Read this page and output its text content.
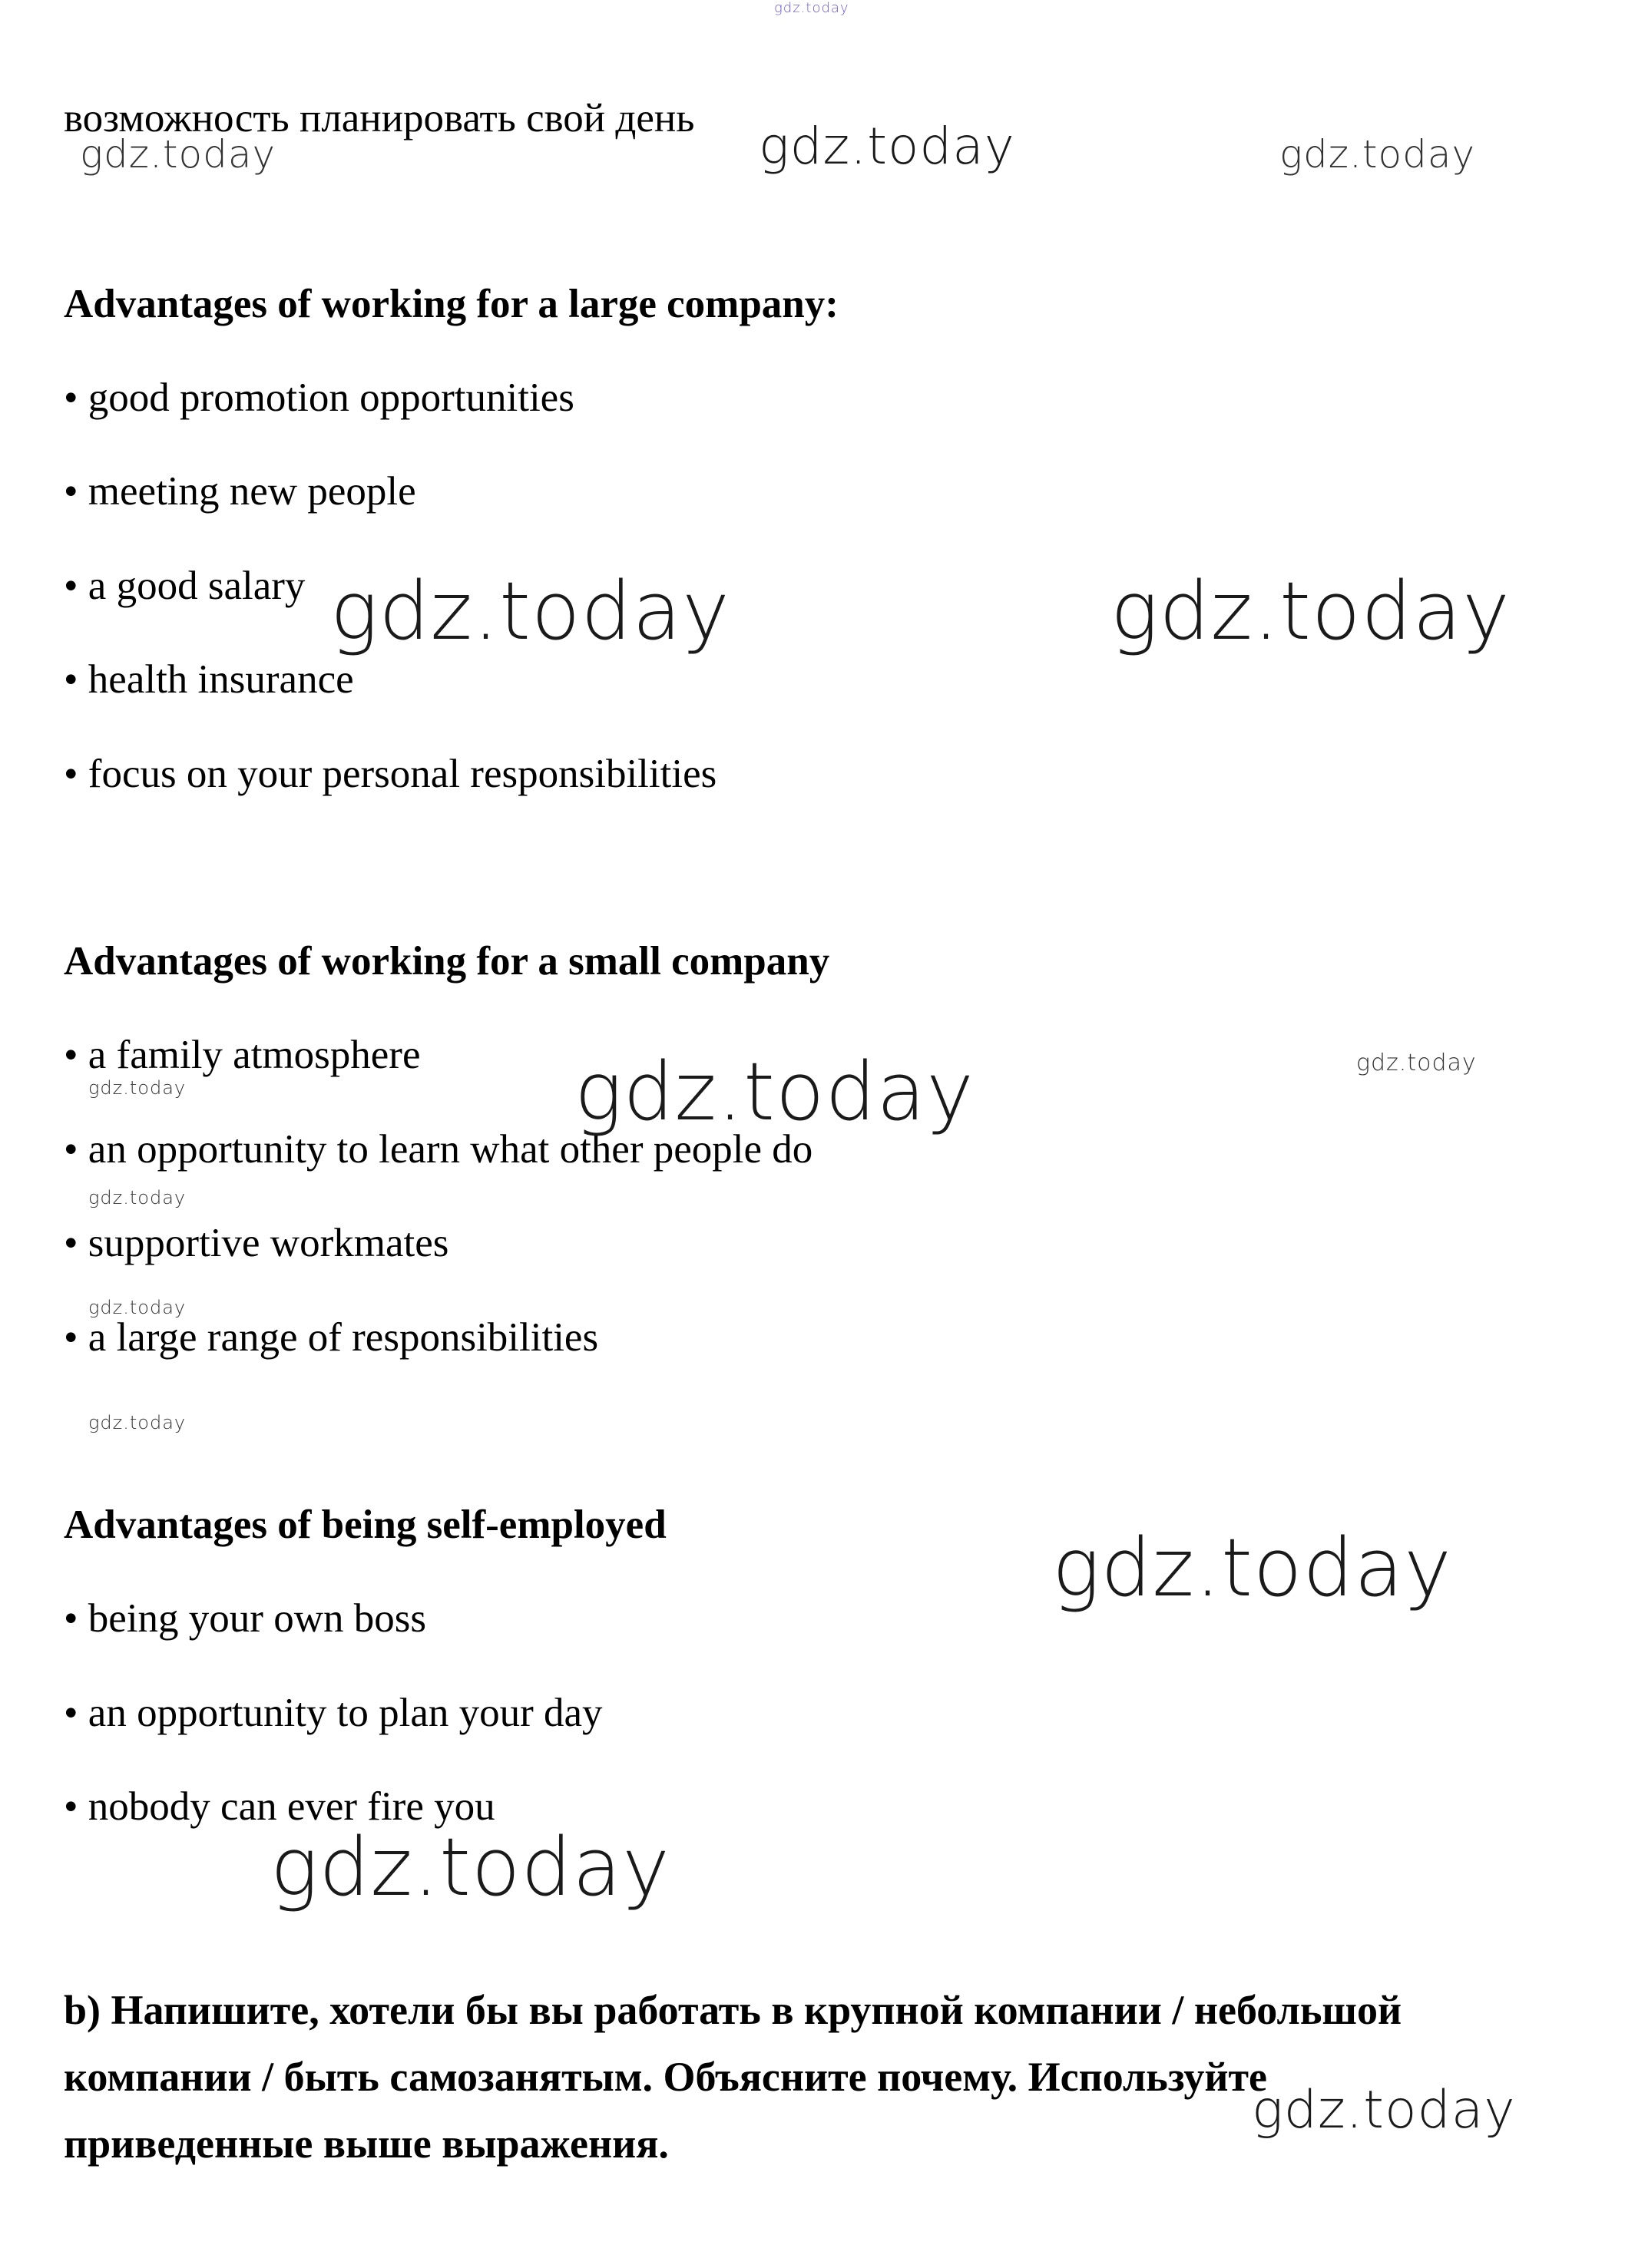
возможность планировать свой день
Advantages of working for a large company:
• good promotion opportunities
• meeting new people
• a good salary
• health insurance
• focus on your personal responsibilities
Advantages of working for a small company
• a family atmosphere
• an opportunity to learn what other people do
• supportive workmates
• a large range of responsibilities
Advantages of being self-employed
• being your own boss
• an opportunity to plan your day
• nobody can ever fire you
b) Напишите, хотели бы вы работать в крупной компании / небольшой
компании / быть самозанятым. Объясните почему. Используйте
приведенные выше выражения.
gdz.today
gdz.today	gdz.today	gdz.today
gdz.today	gdz.today
gdz.today	gdz.today	gdz.today
gdz.today
gdz.today
gdz.today
gdz.today
gdz.today
gdz.today
